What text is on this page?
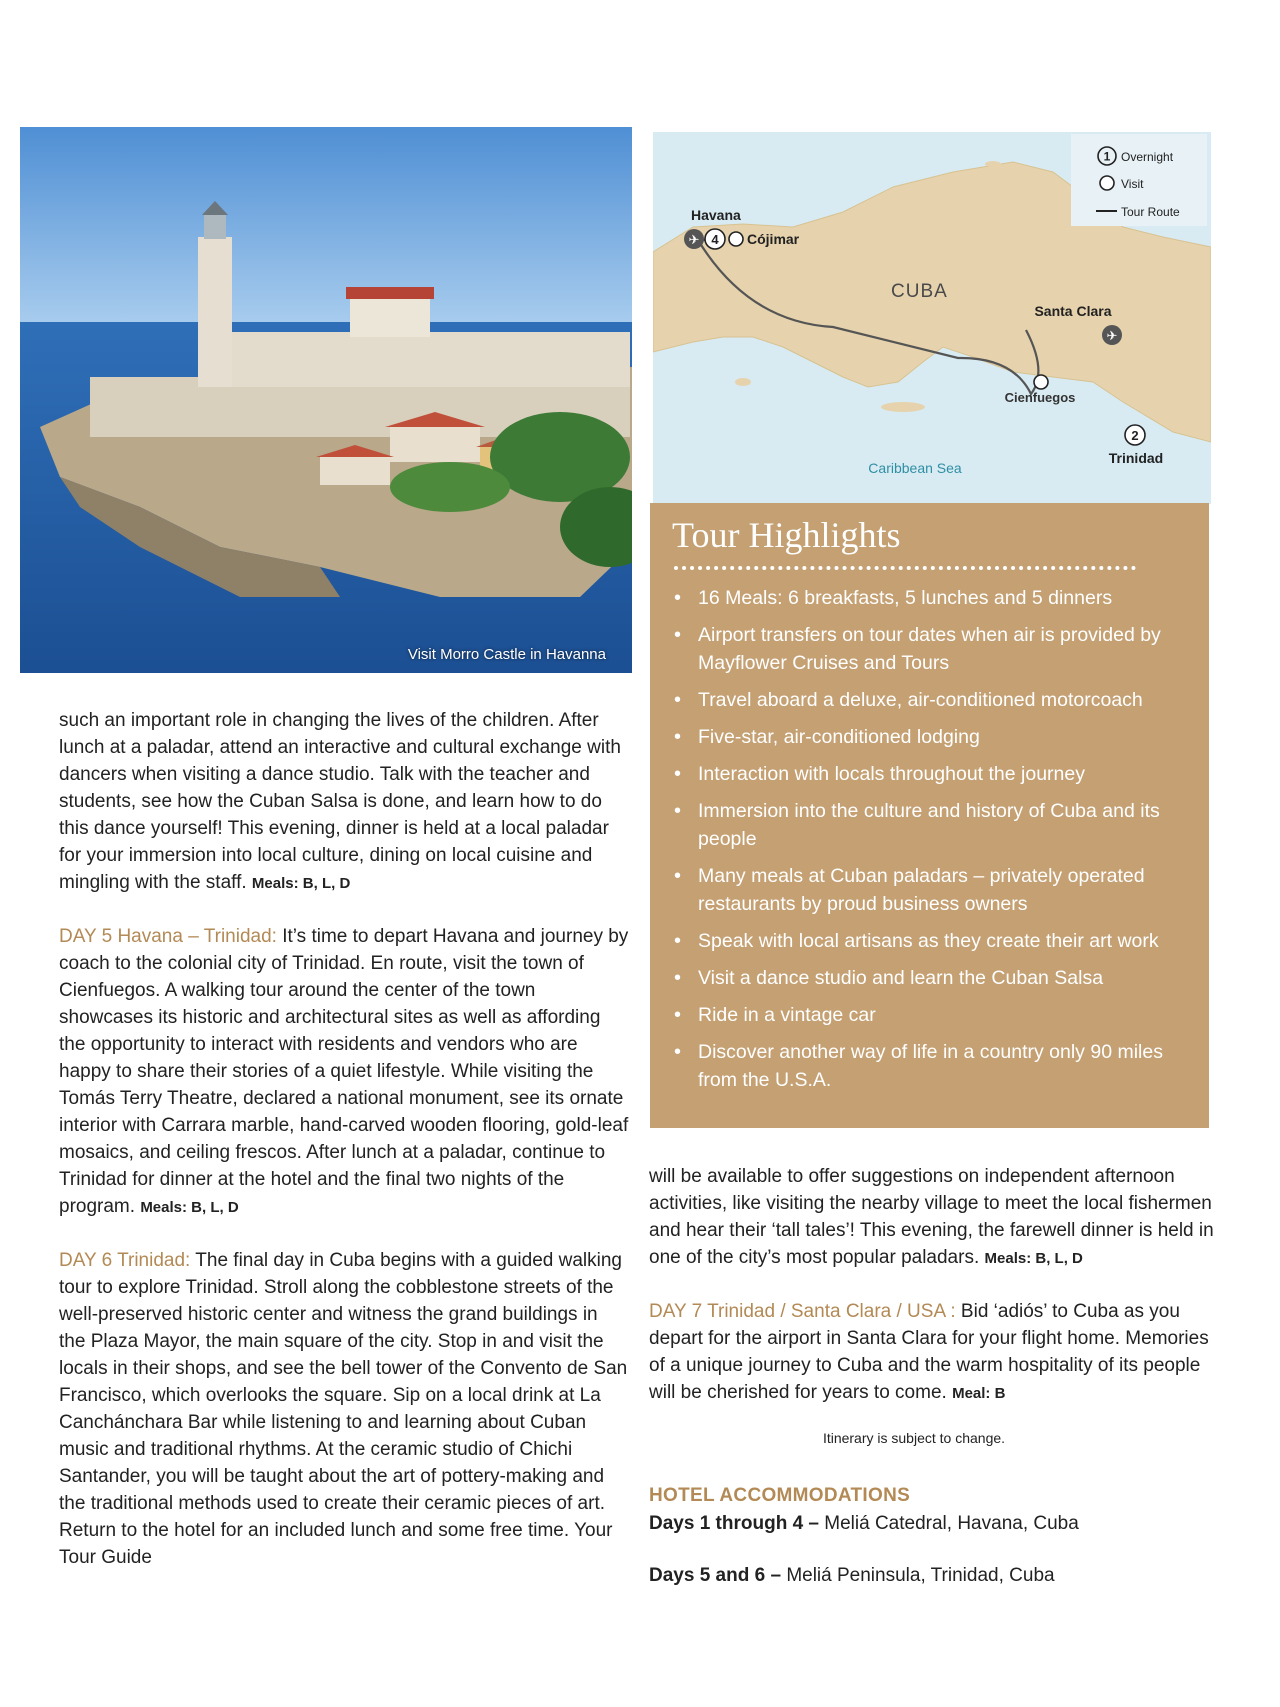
Visit Morro Castle in Havanna
1 Overnight
Visit
Tour Route
CUBA
Caribbean Sea
Havana
✈ 4 Cójimar
Santa Clara
✈
Cienfuegos
2
Trinidad
Tour Highlights
• 16 Meals: 6 breakfasts, 5 lunches and 5 dinners
• Airport transfers on tour dates when air is provided by Mayflower Cruises and Tours
• Travel aboard a deluxe, air-conditioned motorcoach
• Five-star, air-conditioned lodging
• Interaction with locals throughout the journey
• Immersion into the culture and history of Cuba and its people
• Many meals at Cuban paladars – privately operated restaurants by proud business owners
• Speak with local artisans as they create their art work
• Visit a dance studio and learn the Cuban Salsa
• Ride in a vintage car
• Discover another way of life in a country only 90 miles from the U.S.A.

such an important role in changing the lives of the children. After lunch at a paladar, attend an interactive and cultural exchange with dancers when visiting a dance studio. Talk with the teacher and students, see how the Cuban Salsa is done, and learn how to do this dance yourself! This evening, dinner is held at a local paladar for your immersion into local culture, dining on local cuisine and mingling with the staff. Meals: B, L, D

DAY 5 Havana – Trinidad: It’s time to depart Havana and journey by coach to the colonial city of Trinidad. En route, visit the town of Cienfuegos. A walking tour around the center of the town showcases its historic and architectural sites as well as affording the opportunity to interact with residents and vendors who are happy to share their stories of a quiet lifestyle. While visiting the Tomás Terry Theatre, declared a national monument, see its ornate interior with Carrara marble, hand-carved wooden flooring, gold-leaf mosaics, and ceiling frescos. After lunch at a paladar, continue to Trinidad for dinner at the hotel and the final two nights of the program. Meals: B, L, D

DAY 6 Trinidad: The final day in Cuba begins with a guided walking tour to explore Trinidad. Stroll along the cobblestone streets of the well-preserved historic center and witness the grand buildings in the Plaza Mayor, the main square of the city. Stop in and visit the locals in their shops, and see the bell tower of the Convento de San Francisco, which overlooks the square. Sip on a local drink at La Canchánchara Bar while listening to and learning about Cuban music and traditional rhythms. At the ceramic studio of Chichi Santander, you will be taught about the art of pottery-making and the traditional methods used to create their ceramic pieces of art. Return to the hotel for an included lunch and some free time. Your Tour Guide

will be available to offer suggestions on independent afternoon activities, like visiting the nearby village to meet the local fishermen and hear their ‘tall tales’! This evening, the farewell dinner is held in one of the city’s most popular paladars. Meals: B, L, D

DAY 7 Trinidad / Santa Clara / USA : Bid ‘adiós’ to Cuba as you depart for the airport in Santa Clara for your flight home. Memories of a unique journey to Cuba and the warm hospitality of its people will be cherished for years to come. Meal: B

Itinerary is subject to change.
HOTEL ACCOMMODATIONS

Days 1 through 4 – Meliá Catedral, Havana, Cuba

Days 5 and 6 – Meliá Peninsula, Trinidad, Cuba
